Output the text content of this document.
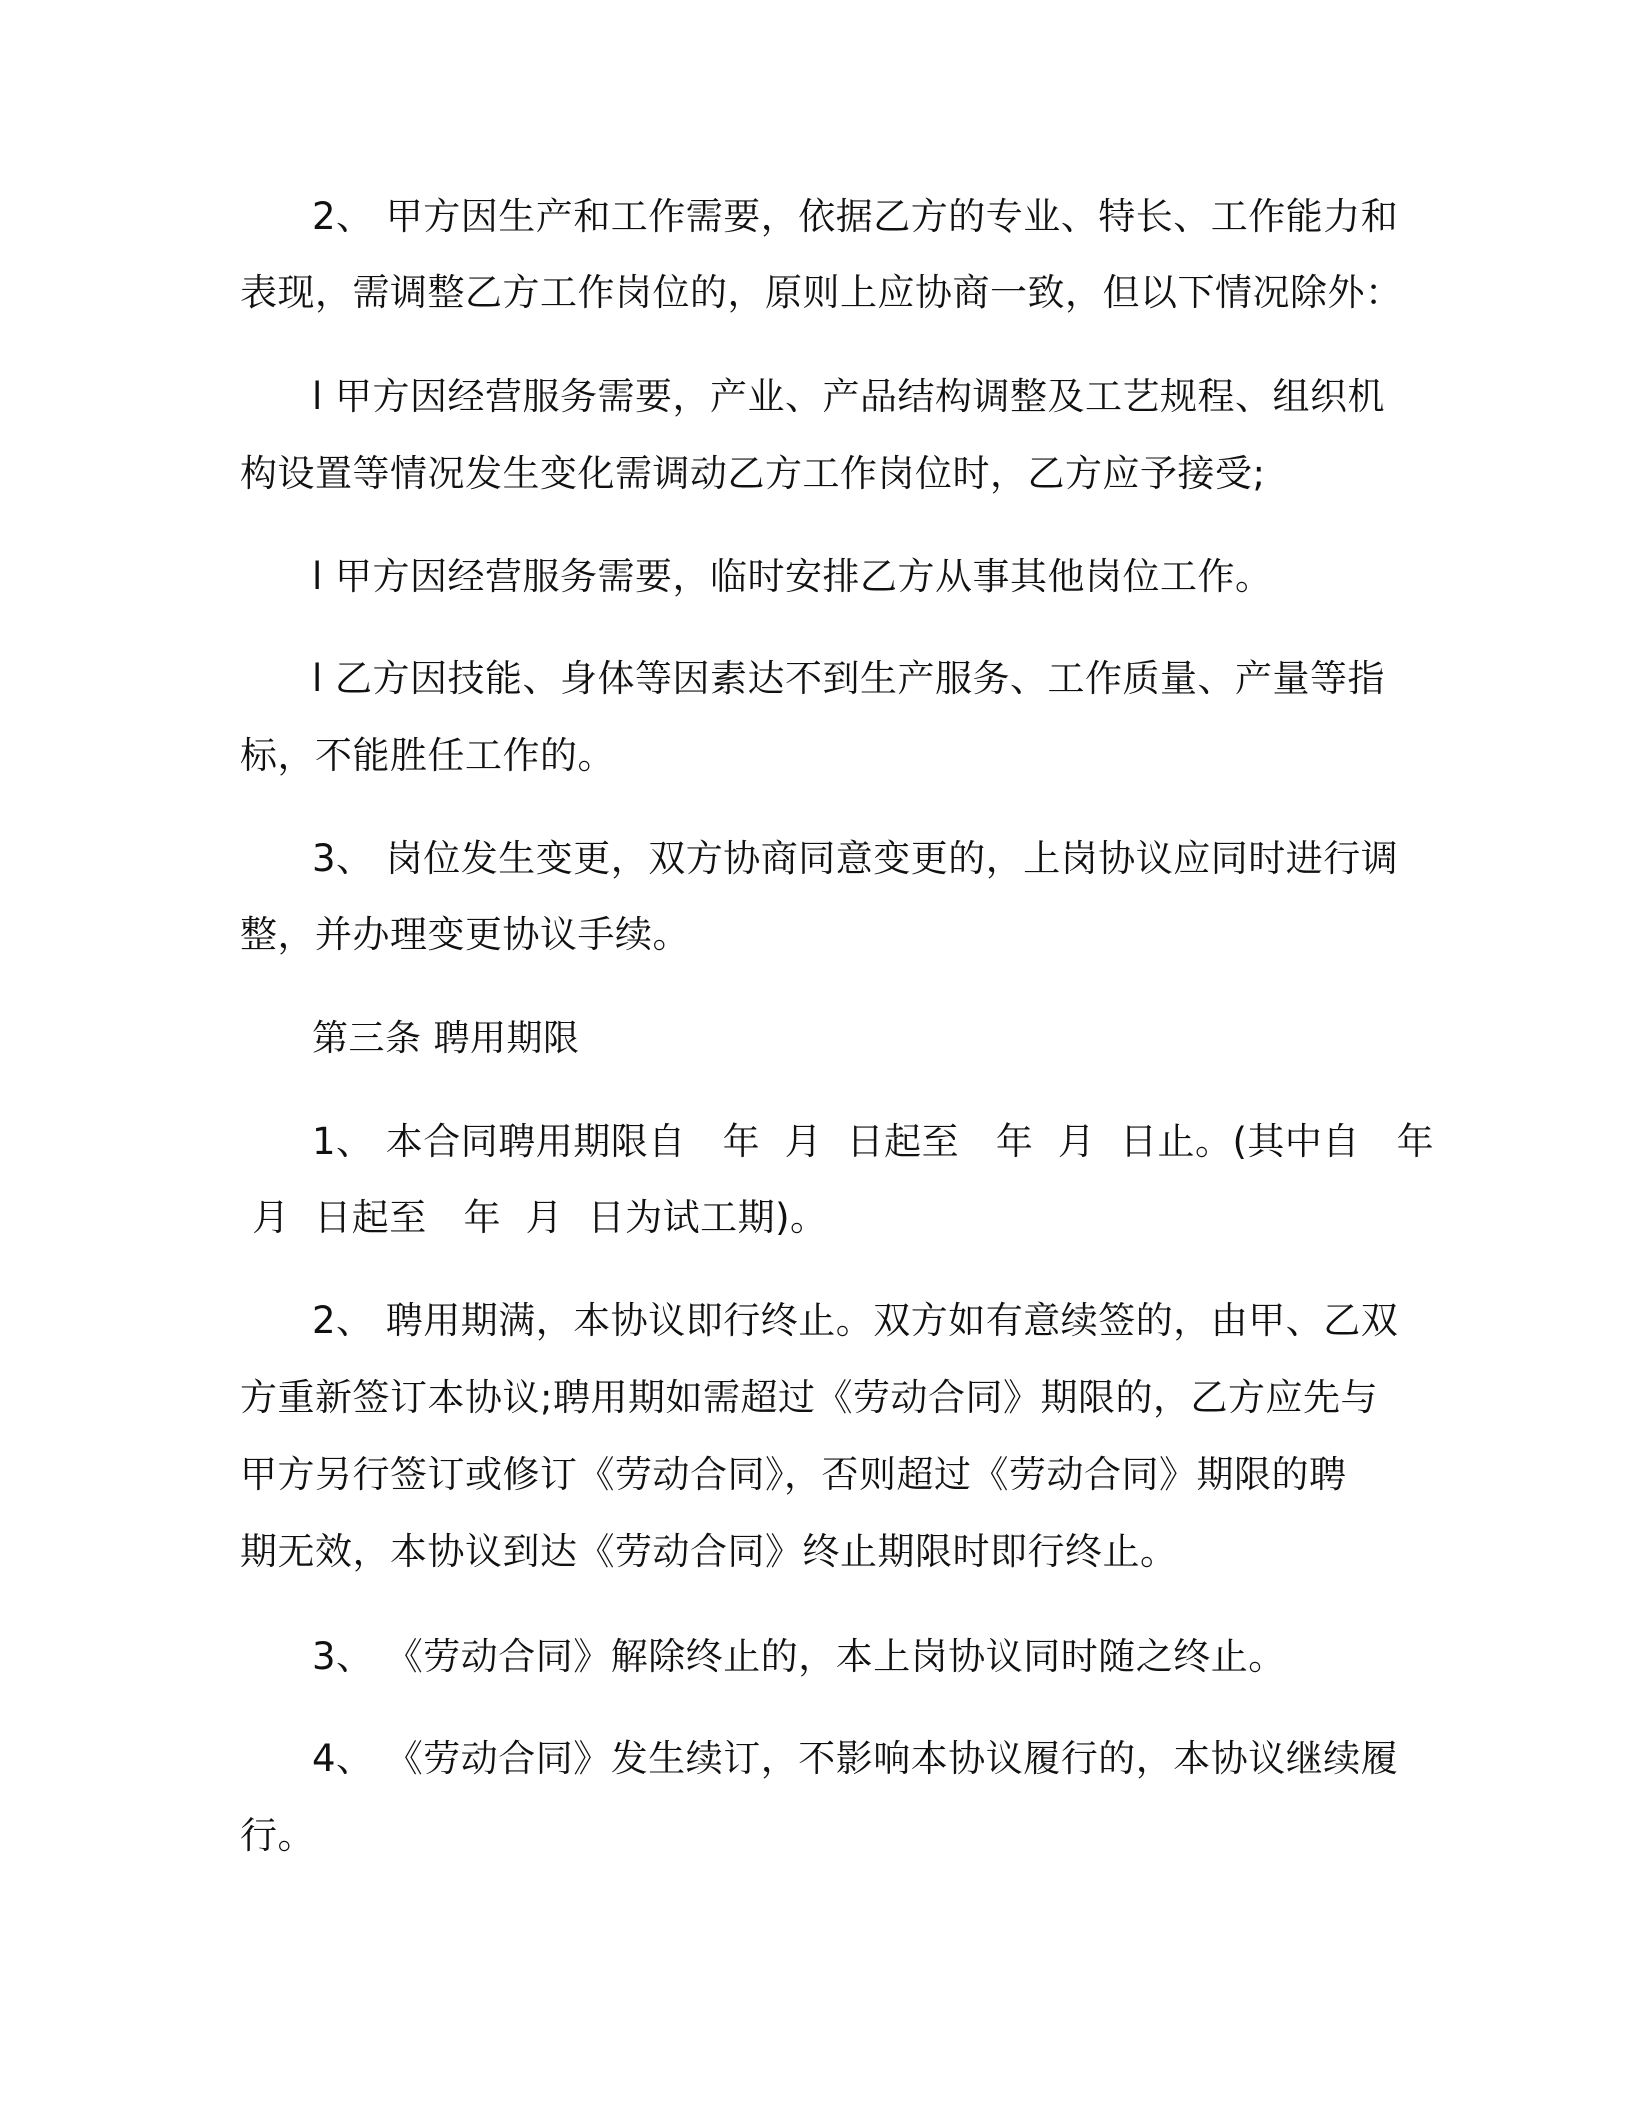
2、 甲方因生产和工作需要，依据乙方的专业、特长、工作能力和
表现，需调整乙方工作岗位的，原则上应协商一致，但以下情况除外：
l 甲方因经营服务需要，产业、产品结构调整及工艺规程、组织机
构设置等情况发生变化需调动乙方工作岗位时，乙方应予接受;
l 甲方因经营服务需要，临时安排乙方从事其他岗位工作。
l 乙方因技能、身体等因素达不到生产服务、工作质量、产量等指
标，不能胜任工作的。
3、 岗位发生变更，双方协商同意变更的，上岗协议应同时进行调
整，并办理变更协议手续。
第三条 聘用期限
1、 本合同聘用期限自   年  月  日起至   年  月  日止。(其中自   年
月  日起至   年  月  日为试工期)。
2、 聘用期满，本协议即行终止。双方如有意续签的，由甲、乙双
方重新签订本协议;聘用期如需超过《劳动合同》期限的，乙方应先与
甲方另行签订或修订《劳动合同》，否则超过《劳动合同》期限的聘
期无效，本协议到达《劳动合同》终止期限时即行终止。
3、 《劳动合同》解除终止的，本上岗协议同时随之终止。
4、 《劳动合同》发生续订，不影响本协议履行的，本协议继续履
行。
